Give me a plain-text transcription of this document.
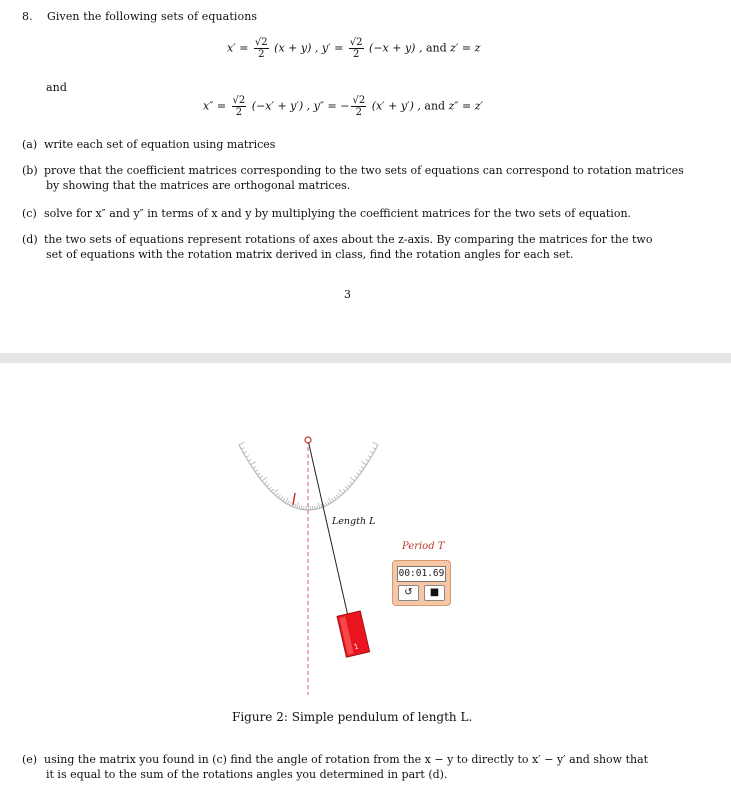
8. Given the following sets of equations
$x' = \frac{√2}{2} (x + y)$ , $y' = \frac{√2}{2} (-x + y)$ , and z′ = z
and
$x'' = \frac{√2}{2} (-x' + y')$ , y″ = − $\frac{√2}{2} (x' + y')$ , and z″ = z′
(a) write each set of equation using matrices
(b) prove that the coefficient matrices corresponding to the two sets of equations can correspond to rotation matrices
by showing that the matrices are orthogonal matrices.
(c) solve for x″ and y″ in terms of x and y by multiplying the coefficient matrices for the two sets of equation.
(d) the two sets of equations represent rotations of axes about the z-axis. By comparing the matrices for the two
set of equations with the rotation matrix derived in class, find the rotation angles for each set.
3
1
Length L
Period T
00:01.69
↺	■
Figure 2: Simple pendulum of length L.
(e) using the matrix you found in (c) find the angle of rotation from the x − y to directly to x′ − y′ and show that
it is equal to the sum of the rotations angles you determined in part (d).
